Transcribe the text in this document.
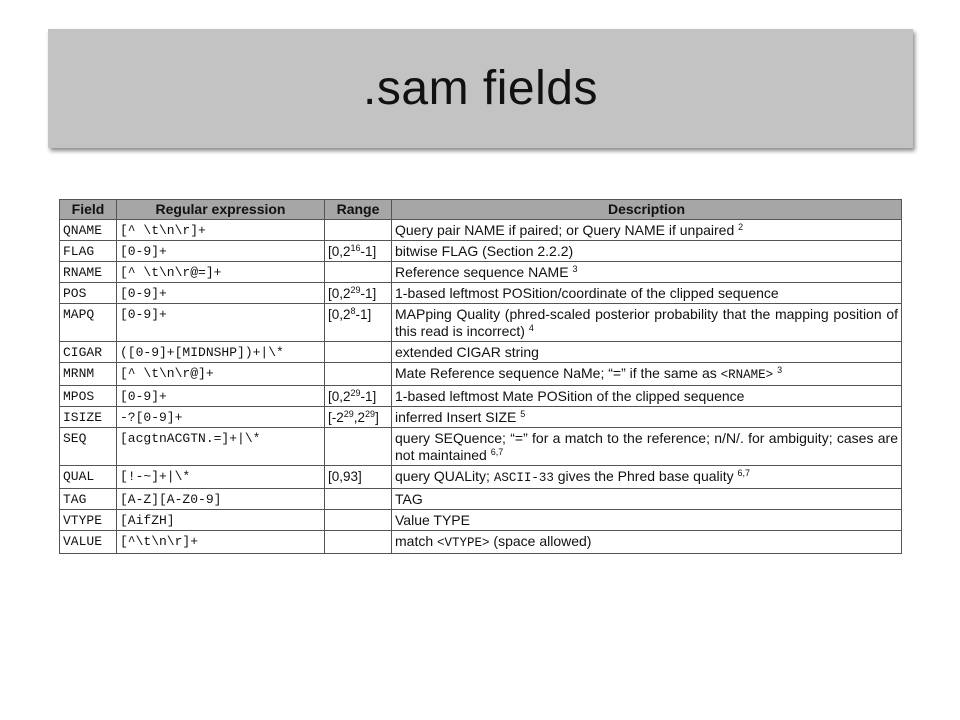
.sam fields
Field	Regular expression	Range	Description
QNAME	[^ \t\n\r]+		Query pair NAME if paired; or Query NAME if unpaired $^2$
FLAG	[0-9]+	$[0,2^{16}-1]$	bitwise FLAG (Section 2.2.2)
RNAME	[^ \t\n\r@=]+		Reference sequence NAME $^3$
POS	[0-9]+	$[0,2^{29}-1]$	1-based leftmost POSition/coordinate of the clipped sequence
MAPQ	[0-9]+	$[0,2^8-1]$	MAPping Quality (phred-scaled posterior probability that the mapping position of this read is incorrect) $^4$
CIGAR	([0-9]+[MIDNSHP])+|\*		extended CIGAR string
MRNM	[^ \t\n\r@]+		Mate Reference sequence NaMe; “=” if the same as <RNAME> $^3$
MPOS	[0-9]+	$[0,2^{29}-1]$	1-based leftmost Mate POSition of the clipped sequence
ISIZE	-?[0-9]+	$[-2^{29},2^{29}]$	inferred Insert SIZE $^5$
SEQ	[acgtnACGTN.=]+|\*		query SEQuence; “=” for a match to the reference; n/N/. for ambiguity; cases are not maintained $^{6,7}$
QUAL	[!-~]+|\*	[0,93]	query QUALity; ASCII-33 gives the Phred base quality $^{6,7}$
TAG	[A-Z][A-Z0-9]		TAG
VTYPE	[AifZH]		Value TYPE
VALUE	[^\t\n\r]+		match <VTYPE> (space allowed)
